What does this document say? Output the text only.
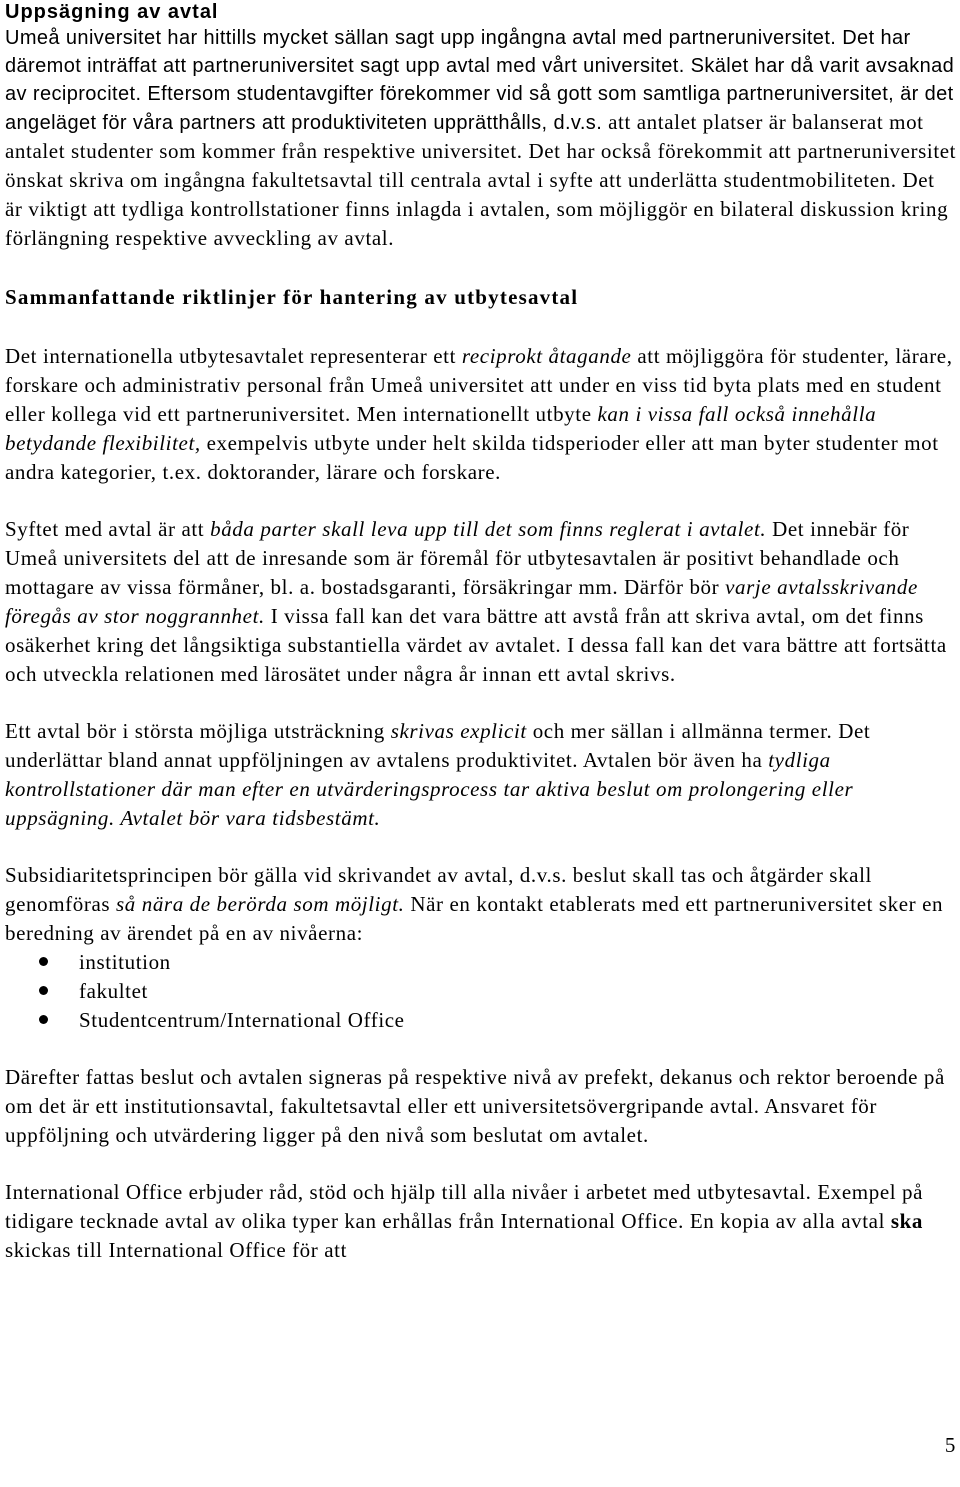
Uppsägning av avtal

Umeå universitet har hittills mycket sällan sagt upp ingångna avtal med partneruniversitet. Det har däremot inträffat att partneruniversitet sagt upp avtal med vårt universitet. Skälet har då varit avsaknad av reciprocitet. Eftersom studentavgifter förekommer vid så gott som samtliga partneruniversitet, är det angeläget för våra partners att produktiviteten upprätthålls, d.v.s. att antalet platser är balanserat mot antalet studenter som kommer från respektive universitet. Det har också förekommit att partneruniversitet önskat skriva om ingångna fakultetsavtal till centrala avtal i syfte att underlätta studentmobiliteten. Det är viktigt att tydliga kontrollstationer finns inlagda i avtalen, som möjliggör en bilateral diskussion kring förlängning respektive avveckling av avtal.

Sammanfattande riktlinjer för hantering av utbytesavtal

Det internationella utbytesavtalet representerar ett reciprokt åtagande att möjliggöra för studenter, lärare, forskare och administrativ personal från Umeå universitet att under en viss tid byta plats med en student eller kollega vid ett partneruniversitet. Men internationellt utbyte kan i vissa fall också innehålla betydande flexibilitet, exempelvis utbyte under helt skilda tidsperioder eller att man byter studenter mot andra kategorier, t.ex. doktorander, lärare och forskare.

Syftet med avtal är att båda parter skall leva upp till det som finns reglerat i avtalet. Det innebär för Umeå universitets del att de inresande som är föremål för utbytesavtalen är positivt behandlade och mottagare av vissa förmåner, bl. a. bostadsgaranti, försäkringar mm. Därför bör varje avtalsskrivande föregås av stor noggrannhet. I vissa fall kan det vara bättre att avstå från att skriva avtal, om det finns osäkerhet kring det långsiktiga substantiella värdet av avtalet. I dessa fall kan det vara bättre att fortsätta och utveckla relationen med lärosätet under några år innan ett avtal skrivs.

Ett avtal bör i största möjliga utsträckning skrivas explicit och mer sällan i allmänna termer. Det underlättar bland annat uppföljningen av avtalens produktivitet. Avtalen bör även ha tydliga kontrollstationer där man efter en utvärderingsprocess tar aktiva beslut om prolongering eller uppsägning. Avtalet bör vara tidsbestämt.

Subsidiaritetsprincipen bör gälla vid skrivandet av avtal, d.v.s. beslut skall tas och åtgärder skall genomföras så nära de berörda som möjligt. När en kontakt etablerats med ett partneruniversitet sker en beredning av ärendet på en av nivåerna:

institution
fakultet
Studentcentrum/International Office

Därefter fattas beslut och avtalen signeras på respektive nivå av prefekt, dekanus och rektor beroende på om det är ett institutionsavtal, fakultetsavtal eller ett universitetsövergripande avtal. Ansvaret för uppföljning och utvärdering ligger på den nivå som beslutat om avtalet.

International Office erbjuder råd, stöd och hjälp till alla nivåer i arbetet med utbytesavtal. Exempel på tidigare tecknade avtal av olika typer kan erhållas från International Office. En kopia av alla avtal ska skickas till International Office för att

5
